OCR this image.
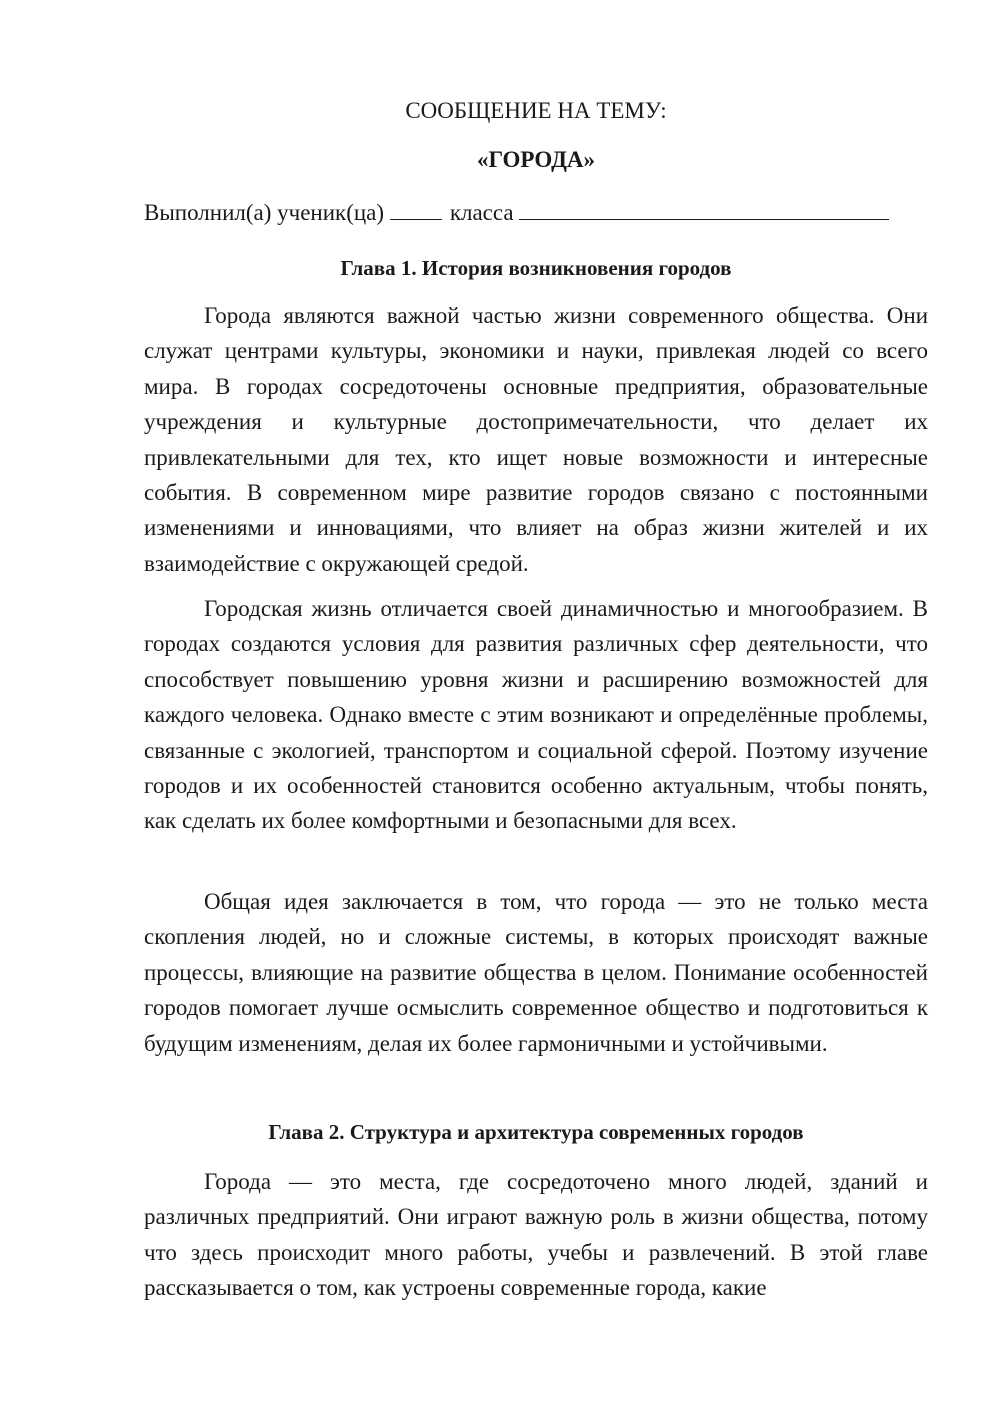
СООБЩЕНИЕ НА ТЕМУ:
«ГОРОДА»
Выполнил(а) ученик(ца)	класса
Глава 1. История возникновения городов

Города являются важной частью жизни современного общества. Они служат центрами культуры, экономики и науки, привлекая людей со всего мира. В городах сосредоточены основные предприятия, образовательные учреждения и культурные достопримечательности, что делает их привлекательными для тех, кто ищет новые возможности и интересные события. В современном мире развитие городов связано с постоянными изменениями и инновациями, что влияет на образ жизни жителей и их взаимодействие с окружающей средой.

Городская жизнь отличается своей динамичностью и многообразием. В городах создаются условия для развития различных сфер деятельности, что способствует повышению уровня жизни и расширению возможностей для каждого человека. Однако вместе с этим возникают и определённые проблемы, связанные с экологией, транспортом и социальной сферой. Поэтому изучение городов и их особенностей становится особенно актуальным, чтобы понять, как сделать их более комфортными и безопасными для всех.

Общая идея заключается в том, что города — это не только места скопления людей, но и сложные системы, в которых происходят важные процессы, влияющие на развитие общества в целом. Понимание особенностей городов помогает лучше осмыслить современное общество и подготовиться к будущим изменениям, делая их более гармоничными и устойчивыми.

Глава 2. Структура и архитектура современных городов

Города — это места, где сосредоточено много людей, зданий и различных предприятий. Они играют важную роль в жизни общества, потому что здесь происходит много работы, учебы и развлечений. В этой главе рассказывается о том, как устроены современные города, какие
